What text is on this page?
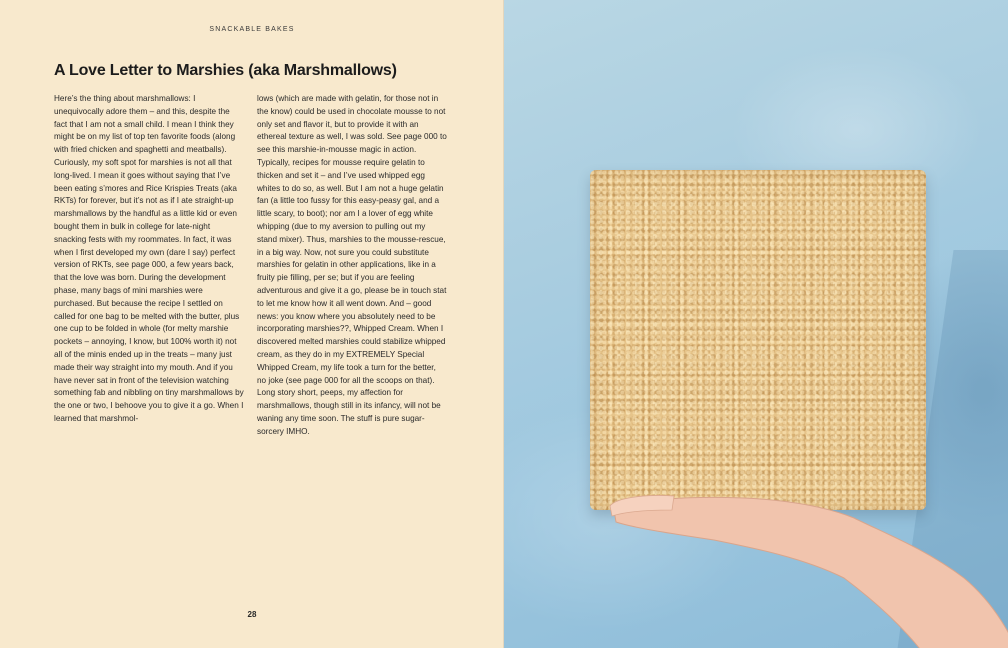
SNACKABLE BAKES
A Love Letter to Marshies (aka Marshmallows)

Here’s the thing about marshmallows: I unequivocally adore them – and this, despite the fact that I am not a small child. I mean I think they might be on my list of top ten favorite foods (along with fried chicken and spaghetti and meatballs). Curiously, my soft spot for marshies is not all that long-lived. I mean it goes without saying that I’ve been eating s’mores and Rice Krispies Treats (aka RKTs) for forever, but it’s not as if I ate straight-up marshmallows by the handful as a little kid or even bought them in bulk in college for late-night snacking fests with my roommates. In fact, it was when I first developed my own (dare I say) perfect version of RKTs, see page 000, a few years back, that the love was born. During the development phase, many bags of mini marshies were purchased. But because the recipe I settled on called for one bag to be melted with the butter, plus one cup to be folded in whole (for melty marshie pockets – annoying, I know, but 100% worth it) not all of the minis ended up in the treats – many just made their way straight into my mouth. And if you have never sat in front of the television watching something fab and nibbling on tiny marshmallows by the one or two, I behoove you to give it a go. When I learned that marshmol-

lows (which are made with gelatin, for those not in the know) could be used in chocolate mousse to not only set and flavor it, but to provide it with an ethereal texture as well, I was sold. See page 000 to see this marshie-in-mousse magic in action. Typically, recipes for mousse require gelatin to thicken and set it – and I’ve used whipped egg whites to do so, as well. But I am not a huge gelatin fan (a little too fussy for this easy-peasy gal, and a little scary, to boot); nor am I a lover of egg white whipping (due to my aversion to pulling out my stand mixer). Thus, marshies to the mousse-rescue, in a big way. Now, not sure you could substitute marshies for gelatin in other applications, like in a fruity pie filling, per se; but if you are feeling adventurous and give it a go, please be in touch stat to let me know how it all went down. And – good news: you know where you absolutely need to be incorporating marshies??, Whipped Cream. When I discovered melted marshies could stabilize whipped cream, as they do in my EXTREMELY Special Whipped Cream, my life took a turn for the better, no joke (see page 000 for all the scoops on that). Long story short, peeps, my affection for marshmallows, though still in its infancy, will not be waning any time soon. The stuff is pure sugar-sorcery IMHO.

28
